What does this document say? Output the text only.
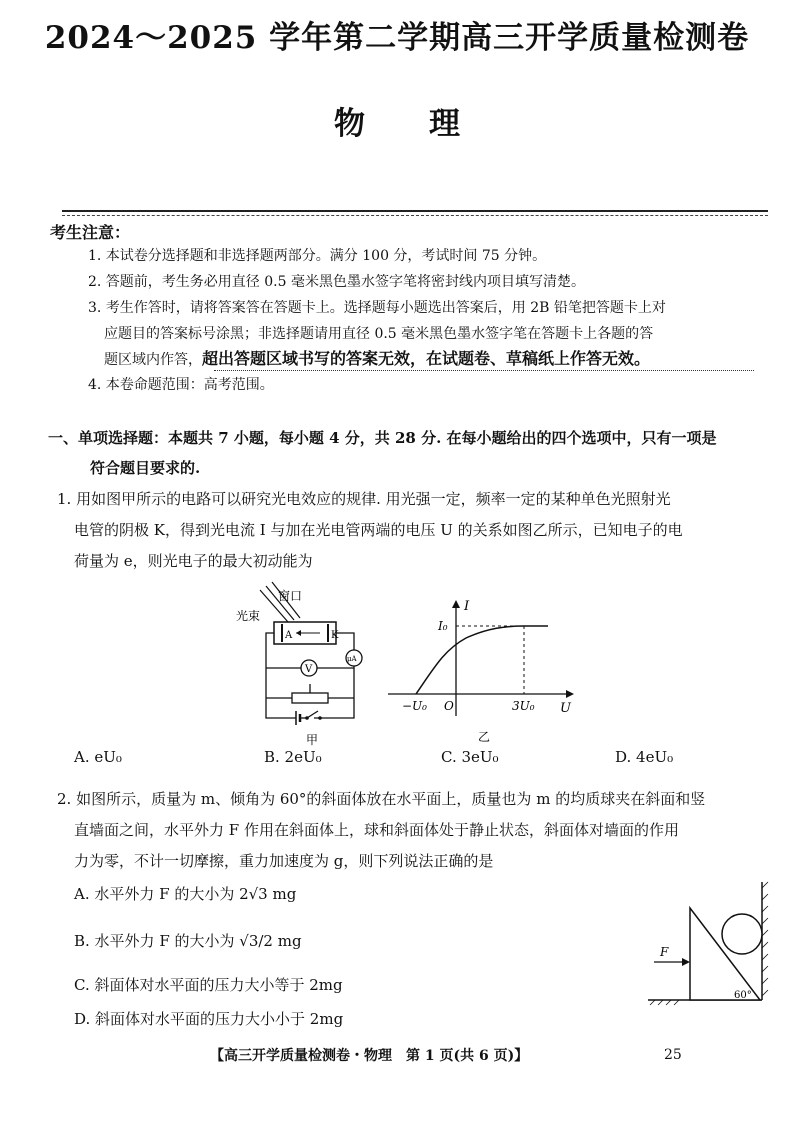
2024～2025 学年第二学期高三开学质量检测卷
物理
考生注意：
1. 本试卷分选择题和非选择题两部分。满分 100 分，考试时间 75 分钟。
2. 答题前，考生务必用直径 0.5 毫米黑色墨水签字笔将密封线内项目填写清楚。
3. 考生作答时，请将答案答在答题卡上。选择题每小题选出答案后，用 2B 铅笔把答题卡上对
应题目的答案标号涂黑；非选择题请用直径 0.5 毫米黑色墨水签字笔在答题卡上各题的答
题区域内作答，超出答题区域书写的答案无效，在试题卷、草稿纸上作答无效。
4. 本卷命题范围：高考范围。
一、单项选择题：本题共 7 小题，每小题 4 分，共 28 分. 在每小题给出的四个选项中，只有一项是
符合题目要求的.
1. 用如图甲所示的电路可以研究光电效应的规律. 用光强一定，频率一定的某种单色光照射光
电管的阴极 K，得到光电流 I 与加在光电管两端的电压 U 的关系如图乙所示，已知电子的电
荷量为 e，则光电子的最大初动能为
窗口
光束
A	K
μA
V
甲
I
U
I₀
−U₀ O	3U₀
乙
A. eU₀	B. 2eU₀	C. 3eU₀	D. 4eU₀
2. 如图所示，质量为 m、倾角为 60°的斜面体放在水平面上，质量也为 m 的均质球夹在斜面和竖
直墙面之间，水平外力 F 作用在斜面体上，球和斜面体处于静止状态，斜面体对墙面的作用
力为零，不计一切摩擦，重力加速度为 g，则下列说法正确的是
A. 水平外力 F 的大小为 2√3 mg
B. 水平外力 F 的大小为 √3/2 mg
C. 斜面体对水平面的压力大小等于 2mg
D. 斜面体对水平面的压力大小小于 2mg
F
60°
【高三开学质量检测卷・物理　第 1 页(共 6 页)】	25
